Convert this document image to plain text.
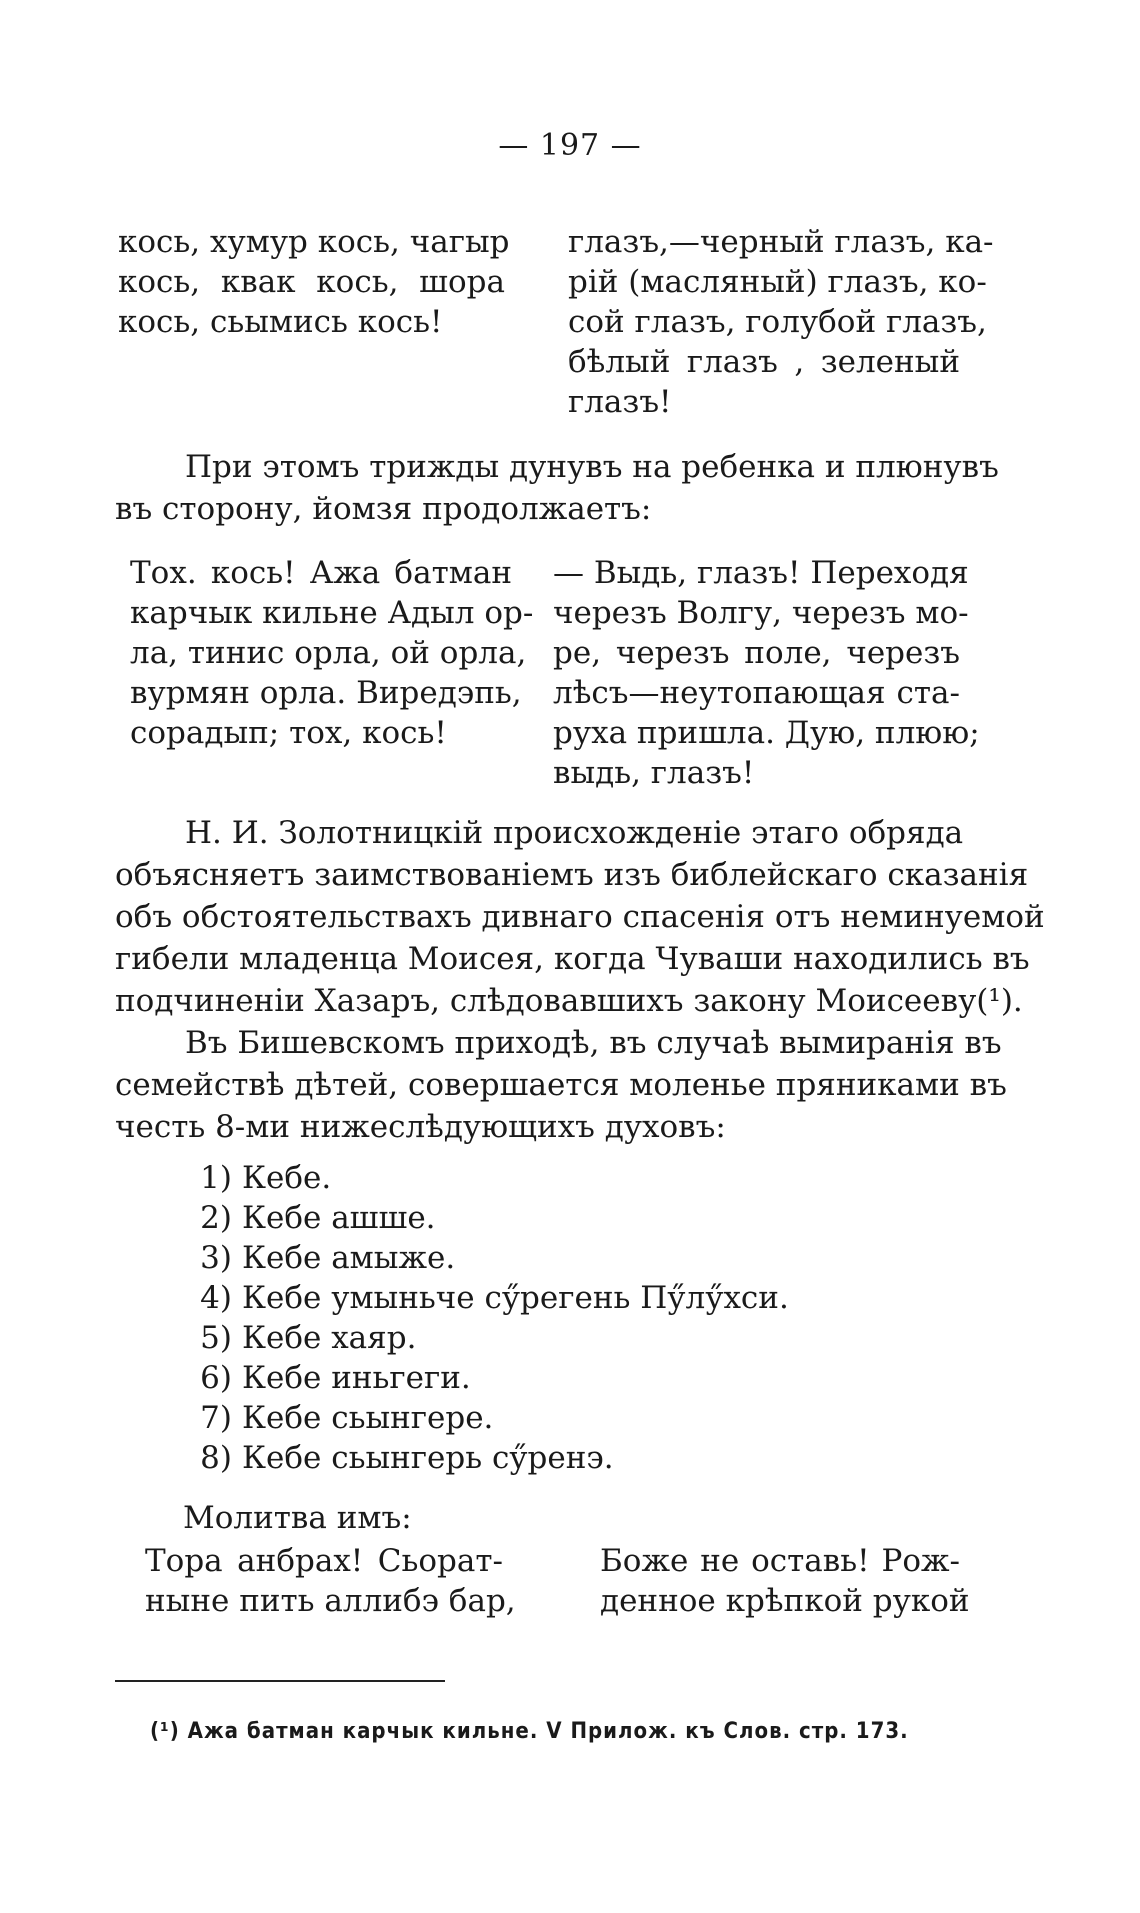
— 197 —
кось, хумур кось, чагыр
кось, квак кось, шора
кось, сьымись кось!
глазъ,—черный глазъ, ка-
рій (масляный) глазъ, ко-
сой глазъ, голубой глазъ,
бѣлый глазъ , зеленый
глазъ!
При этомъ трижды дунувъ на ребенка и плюнувъ
въ сторону, йомзя продолжаетъ:
Тох. кось! Ажа батман
карчык кильне Адыл ор-
ла, тинис орла, ой орла,
вурмян орла. Виредэпь,
сорадып; тох, кось!
— Выдь, глазъ! Переходя
черезъ Волгу, черезъ мо-
ре, черезъ поле, черезъ
лѣсъ—неутопающая ста-
руха пришла. Дую, плюю;
выдь, глазъ!
Н. И. Золотницкій происхожденіе этаго обряда
объясняетъ заимствованіемъ изъ библейскаго сказанія
объ обстоятельствахъ дивнаго спасенія отъ неминуемой
гибели младенца Моисея, когда Чуваши находились въ
подчиненіи Хазаръ, слѣдовавшихъ закону Моисееву(¹).
Въ Бишевскомъ приходѣ, въ случаѣ вымиранія въ
семействѣ дѣтей, совершается моленье пряниками въ
честь 8-ми нижеслѣдующихъ духовъ:
1) Кебе.
2) Кебе ашше.
3) Кебе амыже.
4) Кебе умыньче сӳрегень Пӳлӳхси.
5) Кебе хаяр.
6) Кебе иньгеги.
7) Кебе сьынгере.
8) Кебе сьынгерь сӳренэ.
Молитва имъ:
Тора анбрах! Сьорат-
ныне пить аллибэ бар,
Боже не оставь! Рож-
денное крѣпкой рукой
(¹) Ажа батман карчык кильне. V Прилож. къ Слов. стр. 173.
